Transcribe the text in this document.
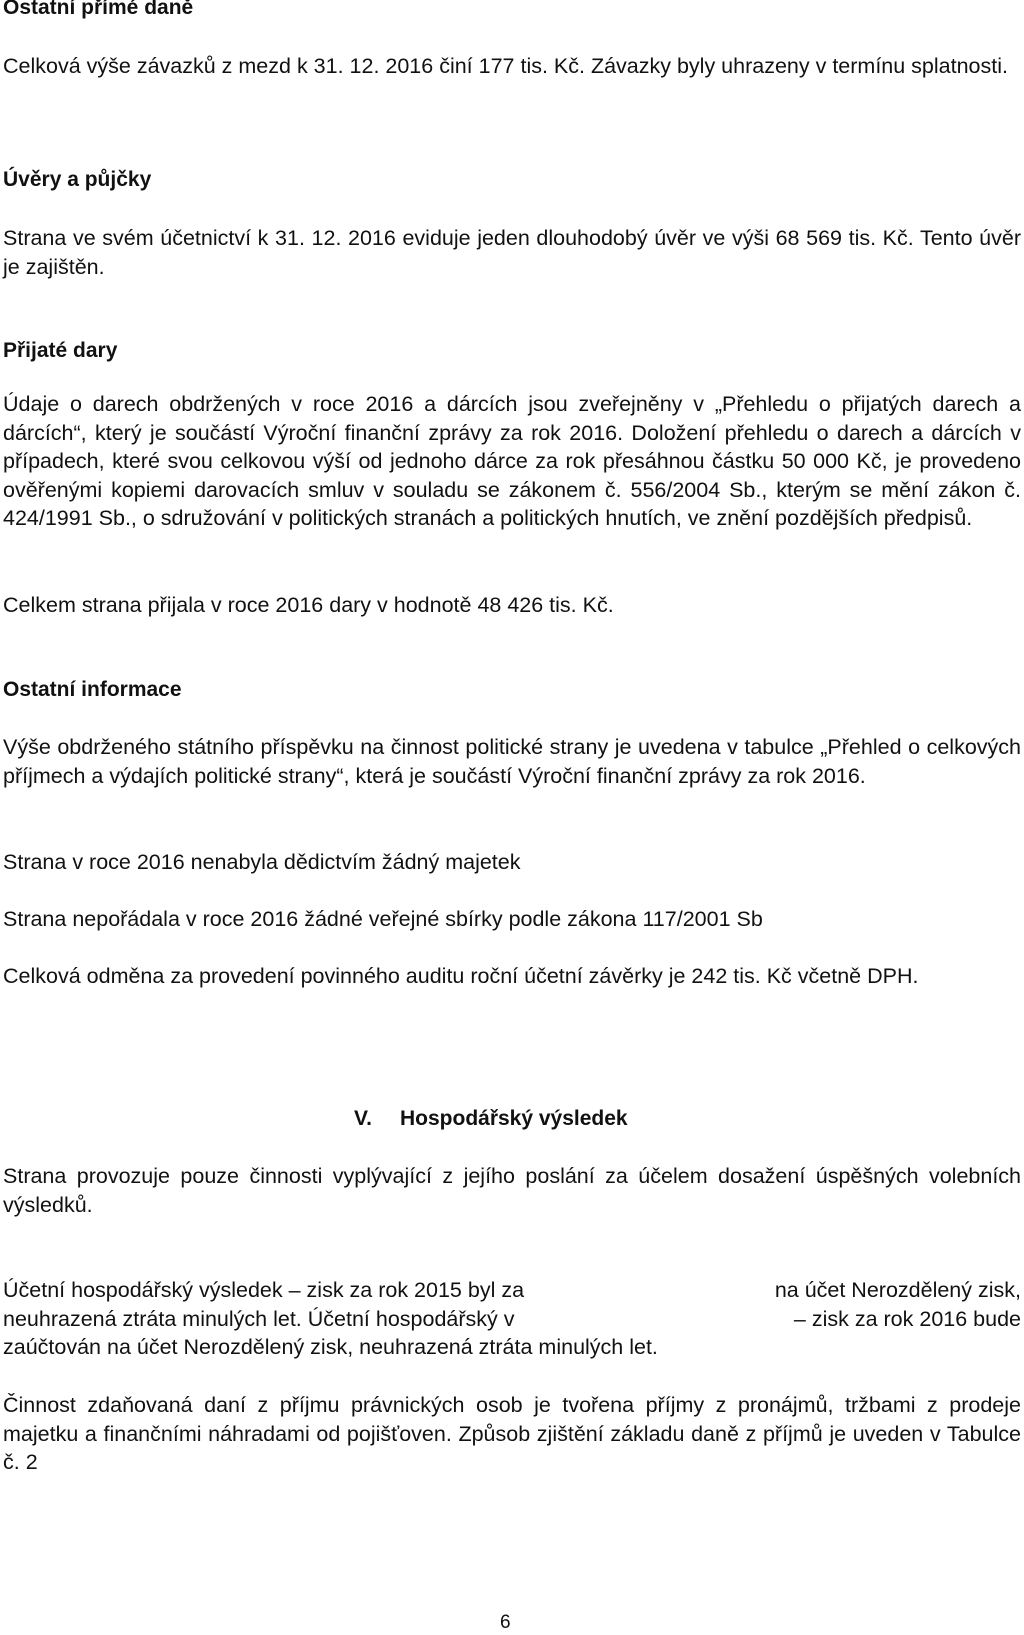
Ostatní přímé daně

Celková výše závazků z mezd k 31. 12. 2016 činí 177 tis. Kč. Závazky byly uhrazeny v termínu splatnosti.

Úvěry a půjčky

Strana ve svém účetnictví k 31. 12. 2016 eviduje jeden dlouhodobý úvěr ve výši 68 569 tis. Kč. Tento úvěr je zajištěn.

Přijaté dary

Údaje o darech obdržených v roce 2016 a dárcích jsou zveřejněny v „Přehledu o přijatých darech a dárcích“, který je součástí Výroční finanční zprávy za rok 2016. Doložení přehledu o darech a dárcích v případech, které svou celkovou výší od jednoho dárce za rok přesáhnou částku 50 000 Kč, je provedeno ověřenými kopiemi darovacích smluv v souladu se zákonem č. 556/2004 Sb., kterým se mění zákon č. 424/1991 Sb., o sdružování v politických stranách a politických hnutích, ve znění pozdějších předpisů.

Celkem strana přijala v roce 2016 dary v hodnotě 48 426 tis. Kč.

Ostatní informace

Výše obdrženého státního příspěvku na činnost politické strany je uvedena v tabulce „Přehled o celkových příjmech a výdajích politické strany“, která je součástí Výroční finanční zprávy za rok 2016.

Strana v roce 2016 nenabyla dědictvím žádný majetek

Strana nepořádala v roce 2016 žádné veřejné sbírky podle zákona 117/2001 Sb

Celková odměna za provedení povinného auditu roční účetní závěrky je 242 tis. Kč včetně DPH.

V. Hospodářský výsledek

Strana provozuje pouze činnosti vyplývající z jejího poslání za účelem dosažení úspěšných volebních výsledků.

Účetní hospodářský výsledek – zisk za rok 2015 byl za	na účet Nerozdělený zisk,
neuhrazená ztráta minulých let. Účetní hospodářský v	– zisk za rok 2016 bude
zaúčtován na účet Nerozdělený zisk, neuhrazená ztráta minulých let.

Činnost zdaňovaná daní z příjmu právnických osob je tvořena příjmy z pronájmů, tržbami z prodeje majetku a finančními náhradami od pojišťoven. Způsob zjištění základu daně z příjmů je uveden v Tabulce č. 2

6
